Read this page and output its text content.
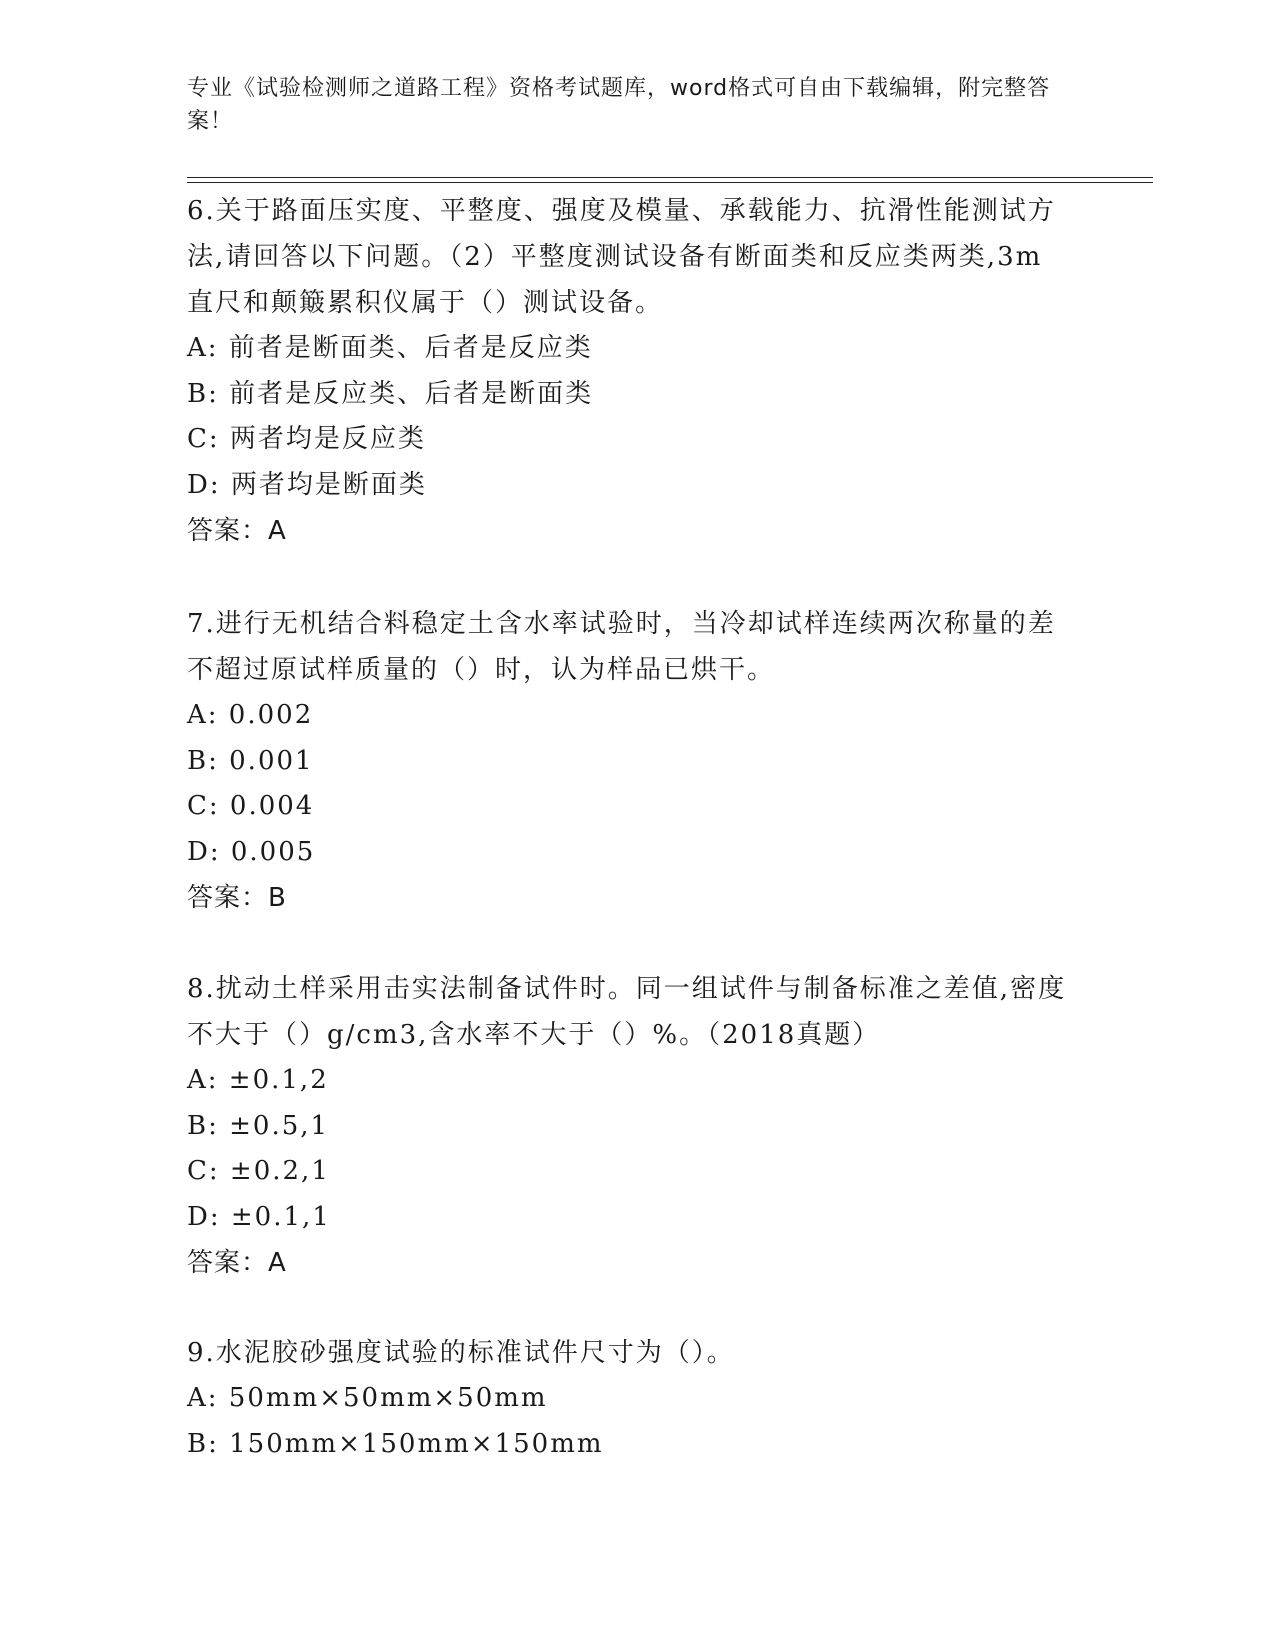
专业《试验检测师之道路工程》资格考试题库，word格式可自由下载编辑，附完整答案！

6.关于路面压实度、平整度、强度及模量、承载能力、抗滑性能测试方法,请回答以下问题。（2）平整度测试设备有断面类和反应类两类,3m直尺和颠簸累积仪属于（）测试设备。

A: 前者是断面类、后者是反应类

B: 前者是反应类、后者是断面类

C: 两者均是反应类

D: 两者均是断面类

答案：A

7.进行无机结合料稳定土含水率试验时，当冷却试样连续两次称量的差不超过原试样质量的（）时，认为样品已烘干。

A: 0.002

B: 0.001

C: 0.004

D: 0.005

答案：B

8.扰动土样采用击实法制备试件时。同一组试件与制备标准之差值,密度不大于（）g/cm3,含水率不大于（）%。（2018真题）

A: ±0.1,2

B: ±0.5,1

C: ±0.2,1

D: ±0.1,1

答案：A

9.水泥胶砂强度试验的标准试件尺寸为（）。

A: 50mm×50mm×50mm

B: 150mm×150mm×150mm
